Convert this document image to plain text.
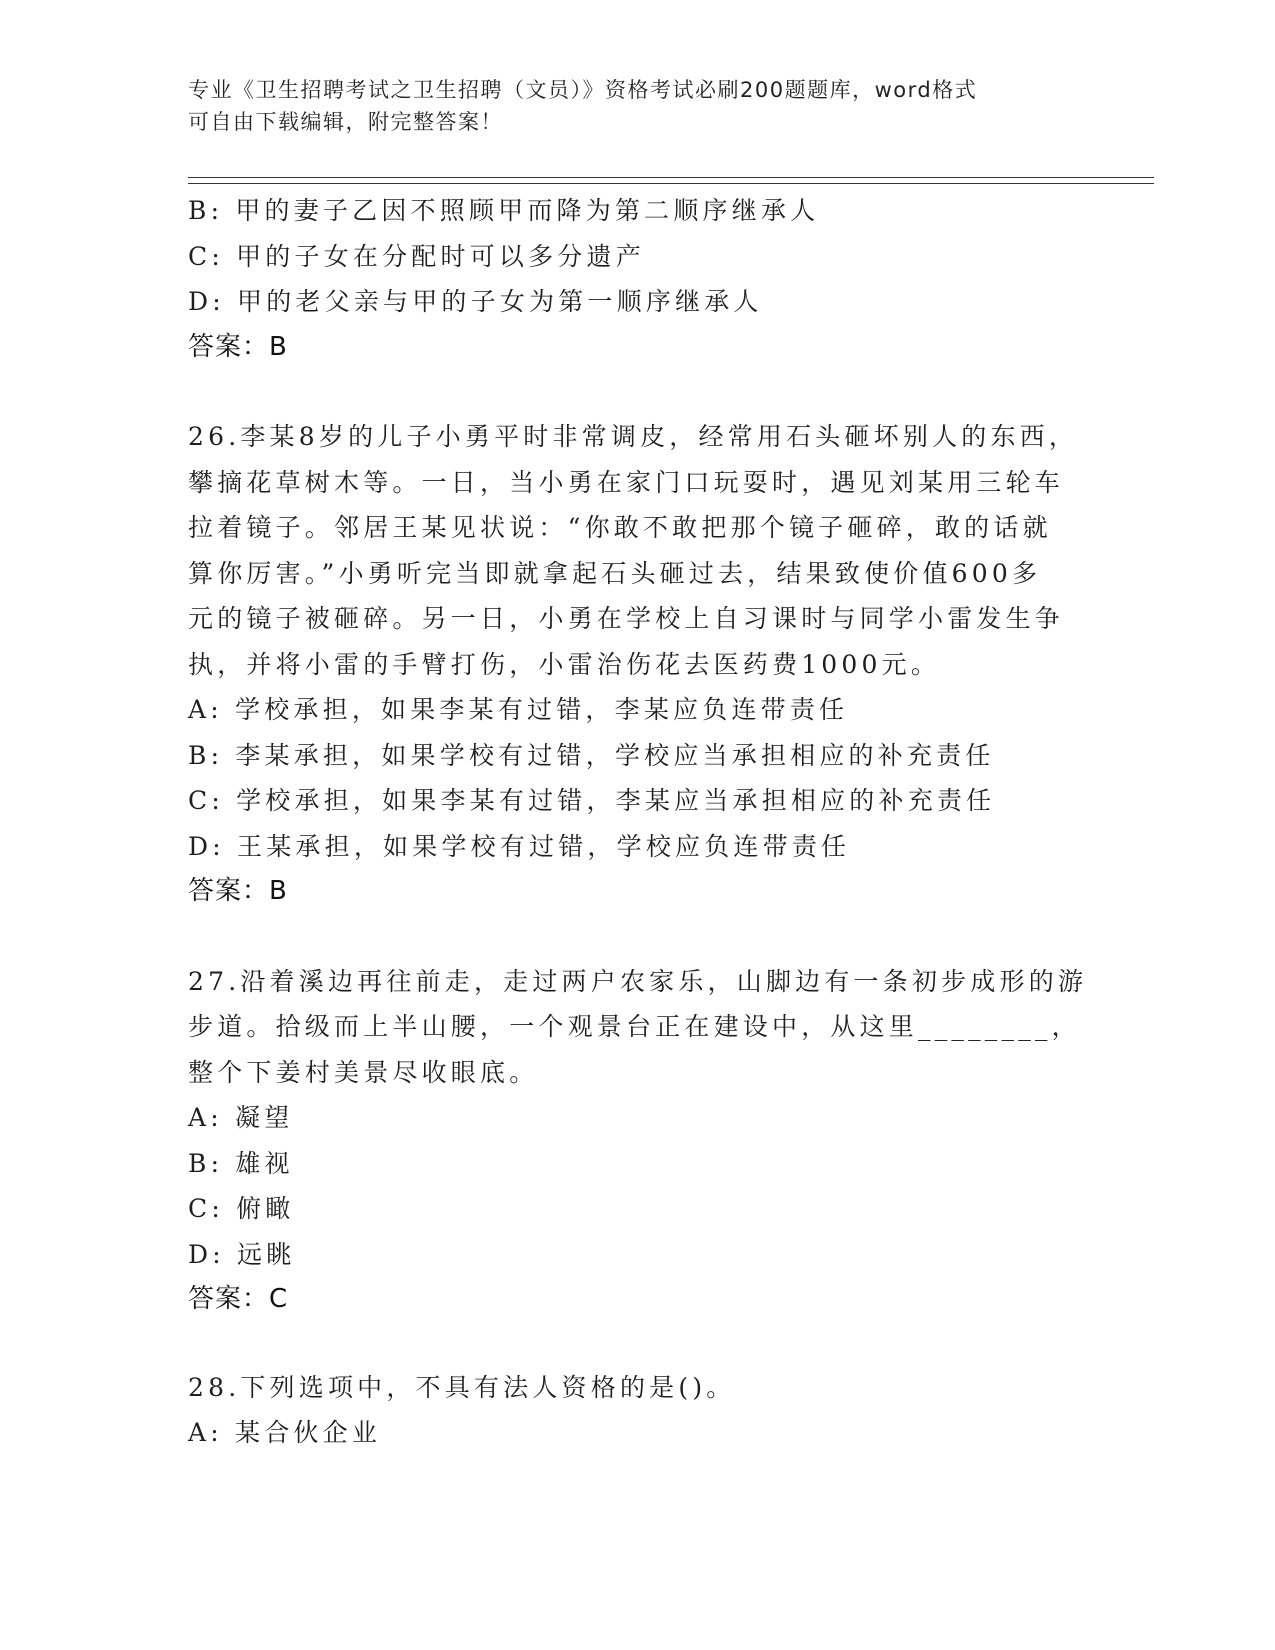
专业《卫生招聘考试之卫生招聘（文员）》资格考试必刷200题题库，word格式
可自由下载编辑，附完整答案！
B: 甲的妻子乙因不照顾甲而降为第二顺序继承人
C: 甲的子女在分配时可以多分遗产
D: 甲的老父亲与甲的子女为第一顺序继承人
答案：B
26.李某8岁的儿子小勇平时非常调皮，经常用石头砸坏别人的东西，
攀摘花草树木等。一日，当小勇在家门口玩耍时，遇见刘某用三轮车
拉着镜子。邻居王某见状说：“你敢不敢把那个镜子砸碎，敢的话就
算你厉害。”小勇听完当即就拿起石头砸过去，结果致使价值600多
元的镜子被砸碎。另一日，小勇在学校上自习课时与同学小雷发生争
执，并将小雷的手臂打伤，小雷治伤花去医药费1000元。
A: 学校承担，如果李某有过错，李某应负连带责任
B: 李某承担，如果学校有过错，学校应当承担相应的补充责任
C: 学校承担，如果李某有过错，李某应当承担相应的补充责任
D: 王某承担，如果学校有过错，学校应负连带责任
答案：B
27.沿着溪边再往前走，走过两户农家乐，山脚边有一条初步成形的游
步道。拾级而上半山腰，一个观景台正在建设中，从这里________，
整个下姜村美景尽收眼底。
A: 凝望
B: 雄视
C: 俯瞰
D: 远眺
答案：C
28.下列选项中，不具有法人资格的是()。
A: 某合伙企业
